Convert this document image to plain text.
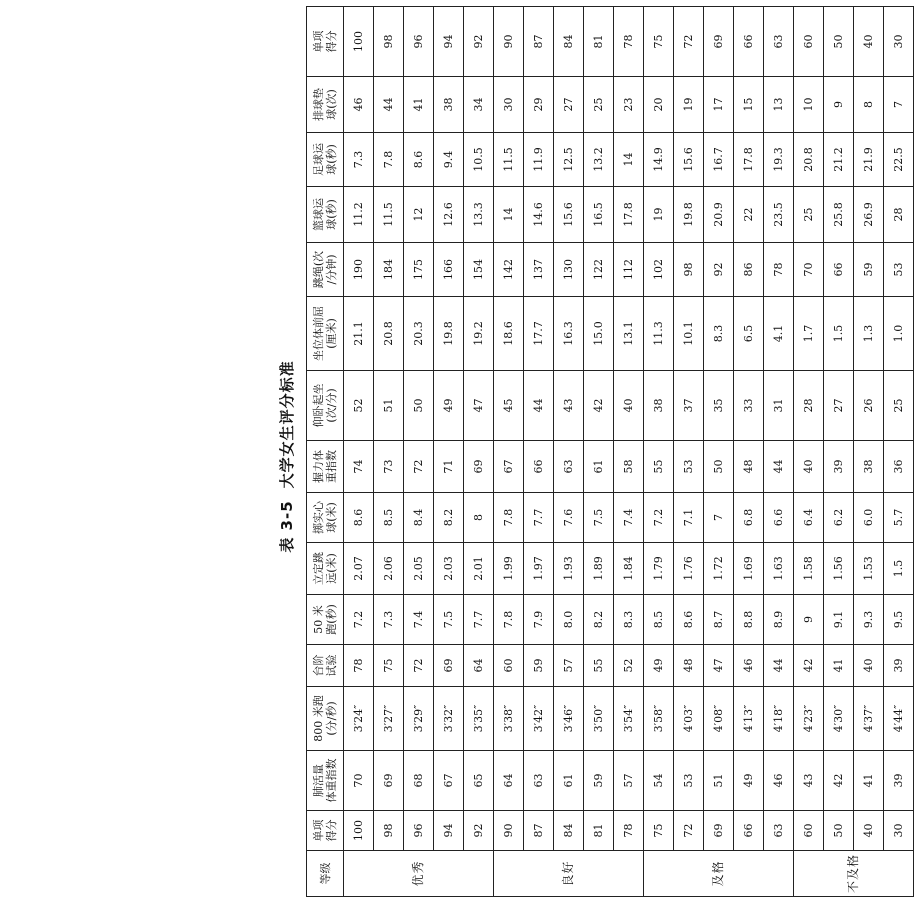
表 3-5大学女生评分标准
等级	单项 得分	肺活量 体重指数	800 米跑 (分/秒)	台阶 试验	50 米 跑(秒)	立定跳 远(米)	掷实心 球(米)	握力体 重指数	仰卧起坐 (次/分)	坐位体前屈 (厘米)	跳绳(次 /分钟)	篮球运 球(秒)	足球运 球(秒)	排球垫 球(次)	单项 得分

优秀	100	70	3′24″	78	7.2	2.07	8.6	74	52	21.1	190	11.2	7.3	46	100
	98	69	3′27″	75	7.3	2.06	8.5	73	51	20.8	184	11.5	7.8	44	98
	96	68	3′29″	72	7.4	2.05	8.4	72	50	20.3	175	12	8.6	41	96
	94	67	3′32″	69	7.5	2.03	8.2	71	49	19.8	166	12.6	9.4	38	94
	92	65	3′35″	64	7.7	2.01	8	69	47	19.2	154	13.3	10.5	34	92
良好	90	64	3′38″	60	7.8	1.99	7.8	67	45	18.6	142	14	11.5	30	90
	87	63	3′42″	59	7.9	1.97	7.7	66	44	17.7	137	14.6	11.9	29	87
	84	61	3′46″	57	8.0	1.93	7.6	63	43	16.3	130	15.6	12.5	27	84
	81	59	3′50″	55	8.2	1.89	7.5	61	42	15.0	122	16.5	13.2	25	81
	78	57	3′54″	52	8.3	1.84	7.4	58	40	13.1	112	17.8	14	23	78
及格	75	54	3′58″	49	8.5	1.79	7.2	55	38	11.3	102	19	14.9	20	75
	72	53	4′03″	48	8.6	1.76	7.1	53	37	10.1	98	19.8	15.6	19	72
	69	51	4′08″	47	8.7	1.72	7	50	35	8.3	92	20.9	16.7	17	69
	66	49	4′13″	46	8.8	1.69	6.8	48	33	6.5	86	22	17.8	15	66
	63	46	4′18″	44	8.9	1.63	6.6	44	31	4.1	78	23.5	19.3	13	63
不及格	60	43	4′23″	42	9	1.58	6.4	40	28	1.7	70	25	20.8	10	60
	50	42	4′30″	41	9.1	1.56	6.2	39	27	1.5	66	25.8	21.2	9	50
	40	41	4′37″	40	9.3	1.53	6.0	38	26	1.3	59	26.9	21.9	8	40
	30	39	4′44″	39	9.5	1.5	5.7	36	25	1.0	53	28	22.5	7	30
